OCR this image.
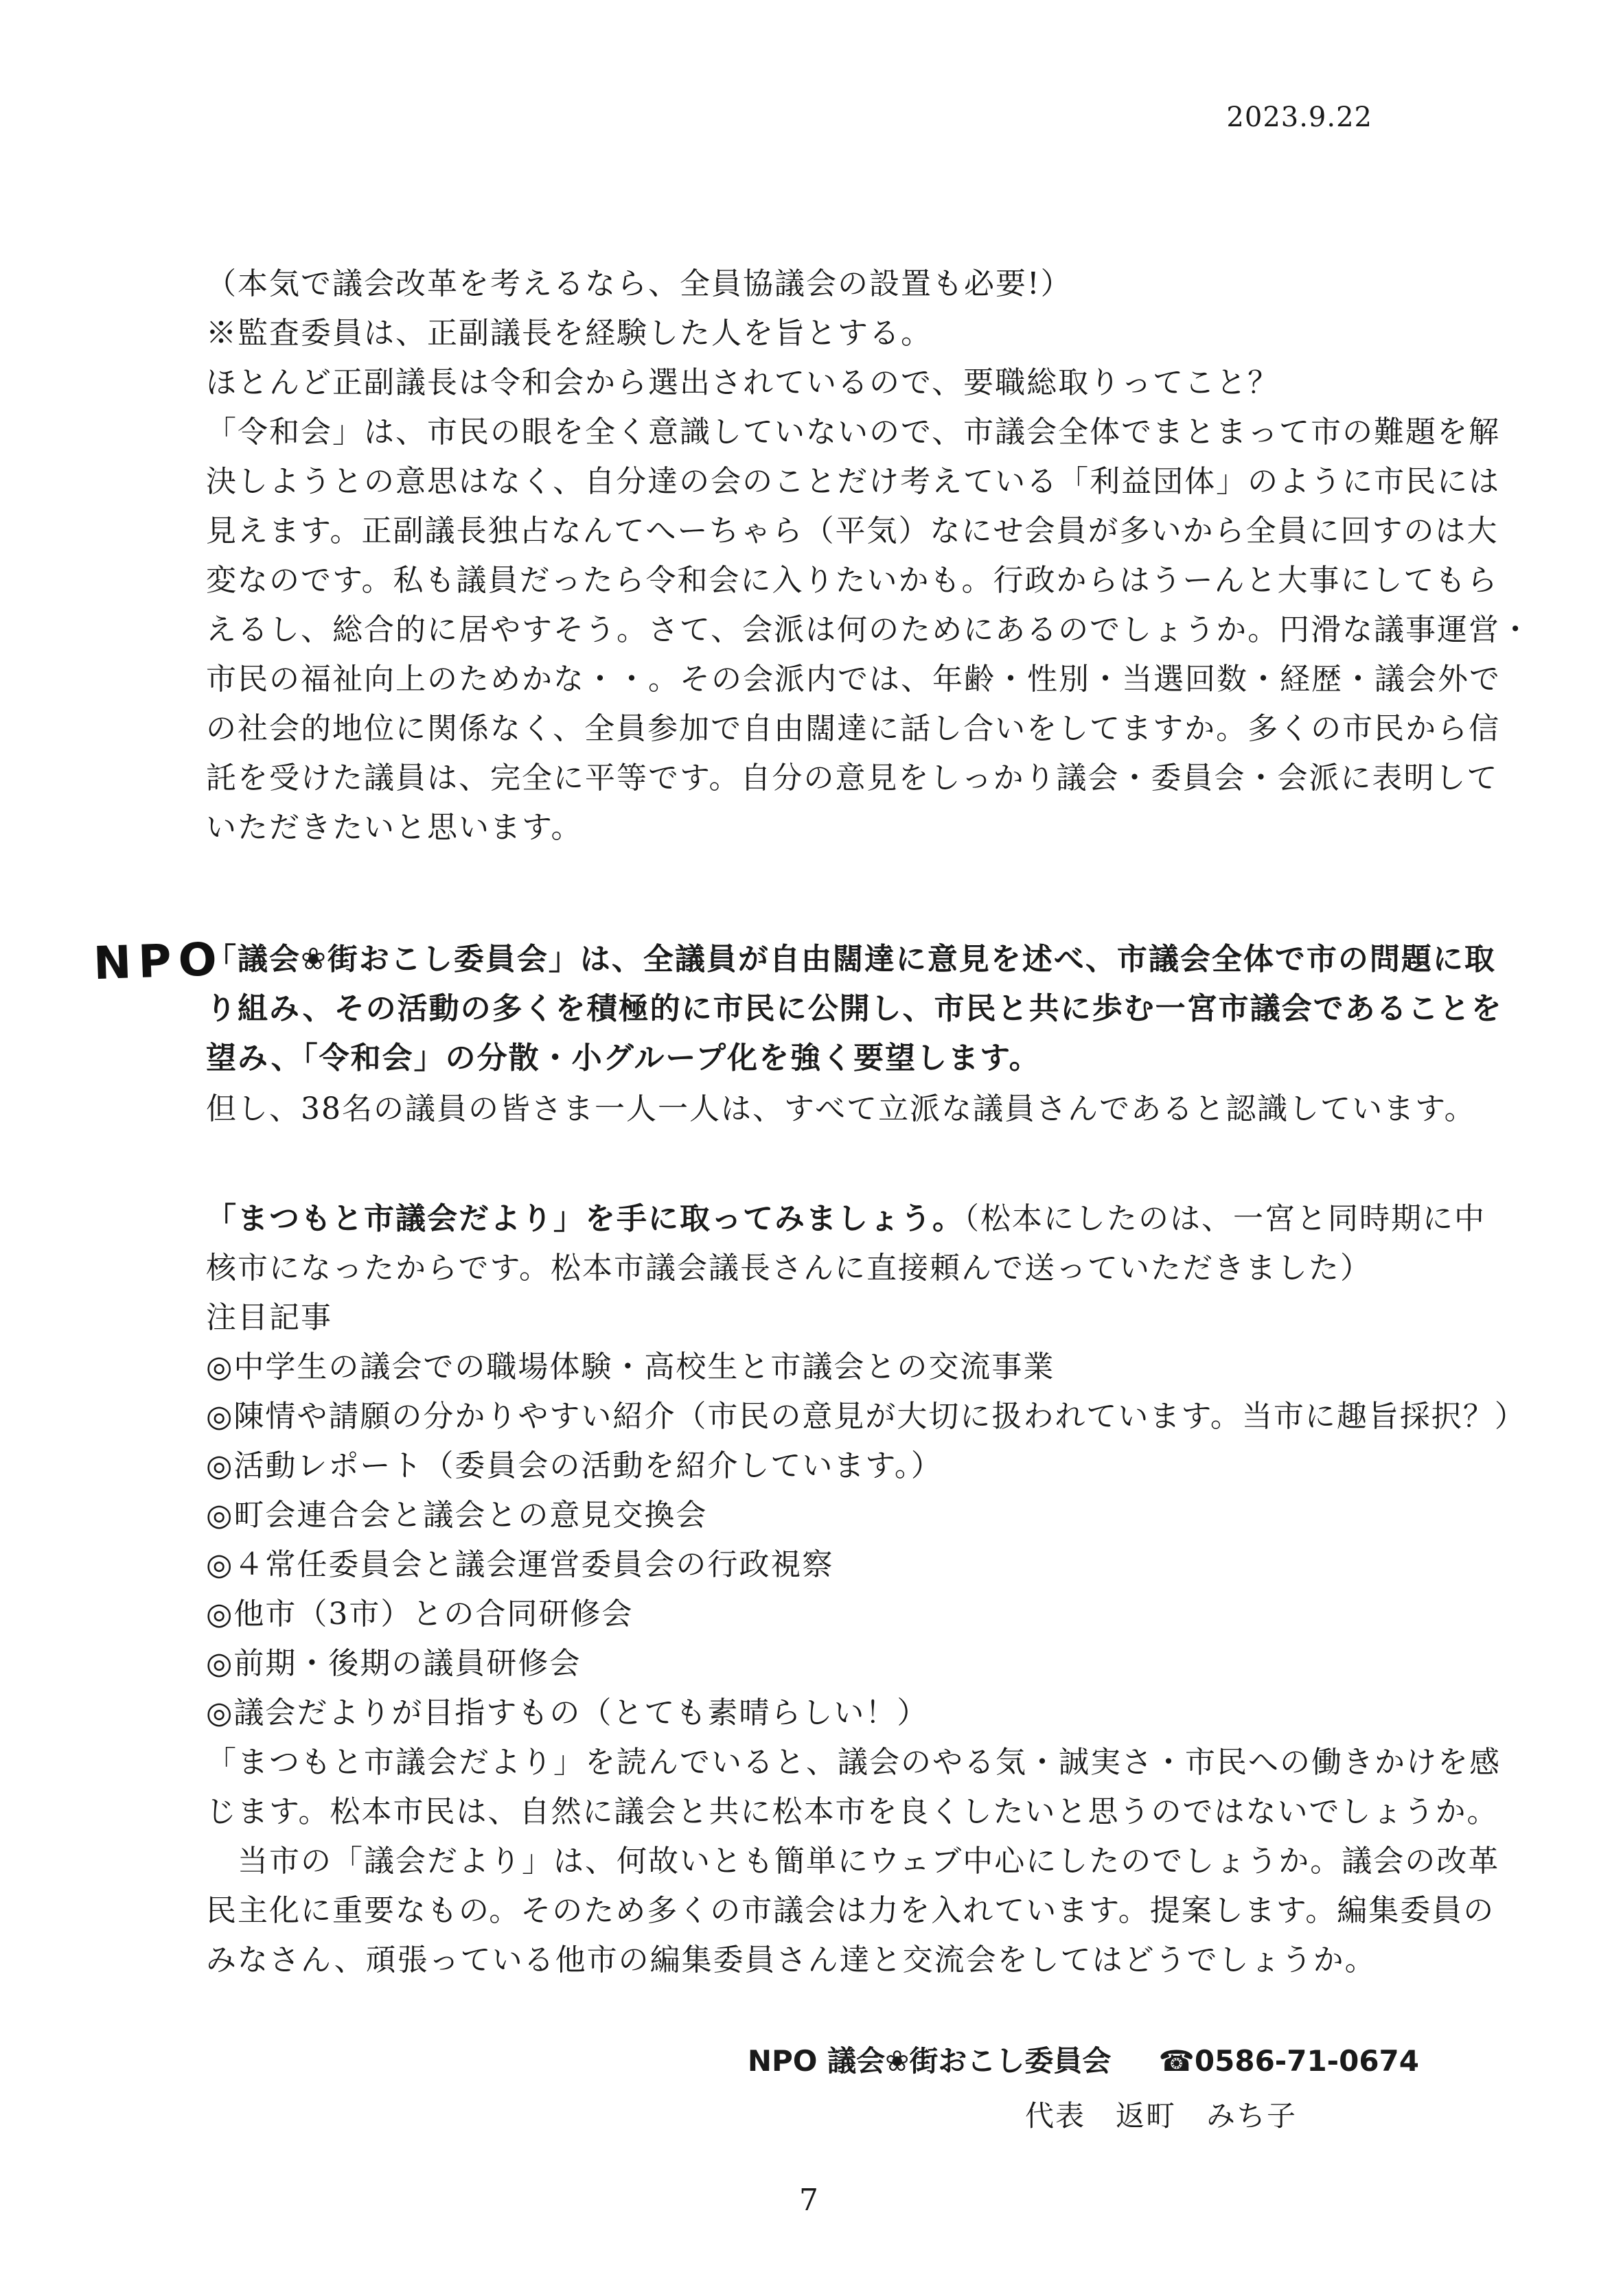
2023.9.22
（本気で議会改革を考えるなら、全員協議会の設置も必要!）
※監査委員は、正副議長を経験した人を旨とする。
ほとんど正副議長は令和会から選出されているので、要職総取りってこと？
「令和会」は、市民の眼を全く意識していないので、市議会全体でまとまって市の難題を解
決しようとの意思はなく、自分達の会のことだけ考えている「利益団体」のように市民には
見えます。正副議長独占なんてへーちゃら（平気）なにせ会員が多いから全員に回すのは大
変なのです。私も議員だったら令和会に入りたいかも。行政からはうーんと大事にしてもら
えるし、総合的に居やすそう。さて、会派は何のためにあるのでしょうか。円滑な議事運営・
市民の福祉向上のためかな・・。その会派内では、年齢・性別・当選回数・経歴・議会外で
の社会的地位に関係なく、全員参加で自由闊達に話し合いをしてますか。多くの市民から信
託を受けた議員は、完全に平等です。自分の意見をしっかり議会・委員会・会派に表明して
いただきたいと思います。
NPO
「議会❀街おこし委員会」は、全議員が自由闊達に意見を述べ、市議会全体で市の問題に取
り組み、その活動の多くを積極的に市民に公開し、市民と共に歩む一宮市議会であることを
望み、「令和会」の分散・小グループ化を強く要望します。
但し、38名の議員の皆さま一人一人は、すべて立派な議員さんであると認識しています。
「まつもと市議会だより」を手に取ってみましょう。（松本にしたのは、一宮と同時期に中
核市になったからです。松本市議会議長さんに直接頼んで送っていただきました）
注目記事
◎中学生の議会での職場体験・高校生と市議会との交流事業
◎陳情や請願の分かりやすい紹介（市民の意見が大切に扱われています。当市に趣旨採択？）
◎活動レポート（委員会の活動を紹介しています。）
◎町会連合会と議会との意見交換会
◎４常任委員会と議会運営委員会の行政視察
◎他市（3市）との合同研修会
◎前期・後期の議員研修会
◎議会だよりが目指すもの（とても素晴らしい！）
「まつもと市議会だより」を読んでいると、議会のやる気・誠実さ・市民への働きかけを感
じます。松本市民は、自然に議会と共に松本市を良くしたいと思うのではないでしょうか。
　当市の「議会だより」は、何故いとも簡単にウェブ中心にしたのでしょうか。議会の改革
民主化に重要なもの。そのため多くの市議会は力を入れています。提案します。編集委員の
みなさん、頑張っている他市の編集委員さん達と交流会をしてはどうでしょうか。
NPO 議会❀街おこし委員会 ☎0586-71-0674
代表　返町　みち子
7
